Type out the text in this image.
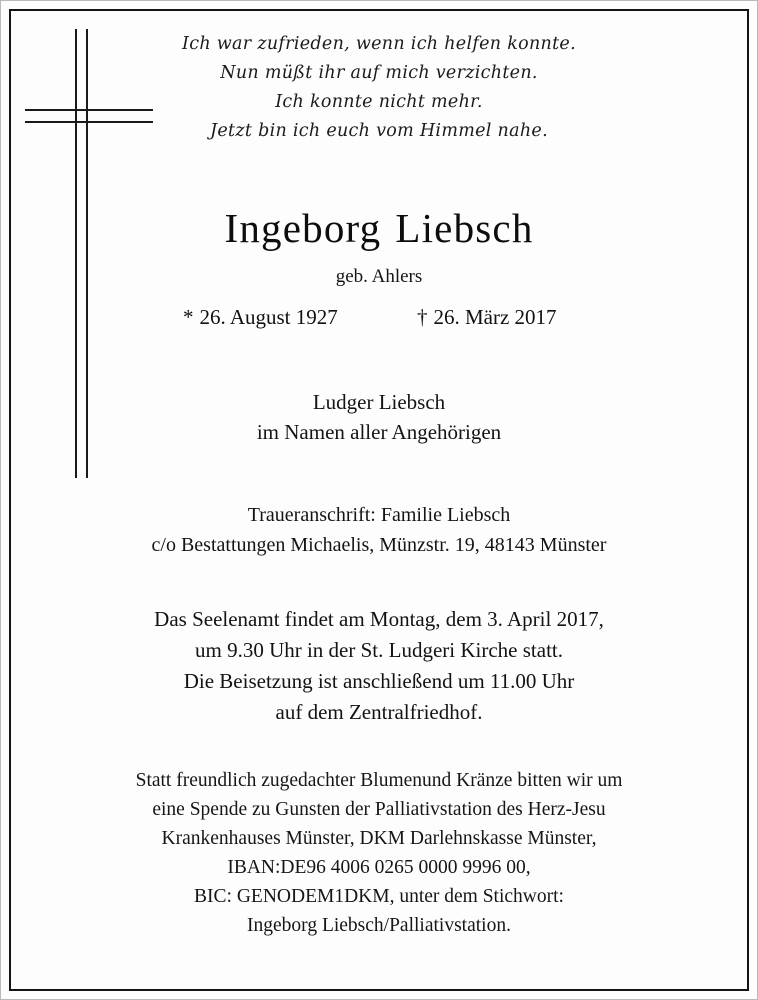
Ich war zufrieden, wenn ich helfen konnte.
Nun müßt ihr auf mich verzichten.
Ich konnte nicht mehr.
Jetzt bin ich euch vom Himmel nahe.
Ingeborg Liebsch
geb. Ahlers
* 26. August 1927	† 26. März 2017
Ludger Liebsch
im Namen aller Angehörigen
Traueranschrift: Familie Liebsch
c/o Bestattungen Michaelis, Münzstr. 19, 48143 Münster
Das Seelenamt findet am Montag, dem 3. April 2017,
um 9.30 Uhr in der St. Ludgeri Kirche statt.
Die Beisetzung ist anschließend um 11.00 Uhr
auf dem Zentralfriedhof.
Statt freundlich zugedachter Blumenund Kränze bitten wir um
eine Spende zu Gunsten der Palliativstation des Herz-Jesu
Krankenhauses Münster, DKM Darlehnskasse Münster,
IBAN:DE96 4006 0265 0000 9996 00,
BIC: GENODEM1DKM, unter dem Stichwort:
Ingeborg Liebsch/Palliativstation.
